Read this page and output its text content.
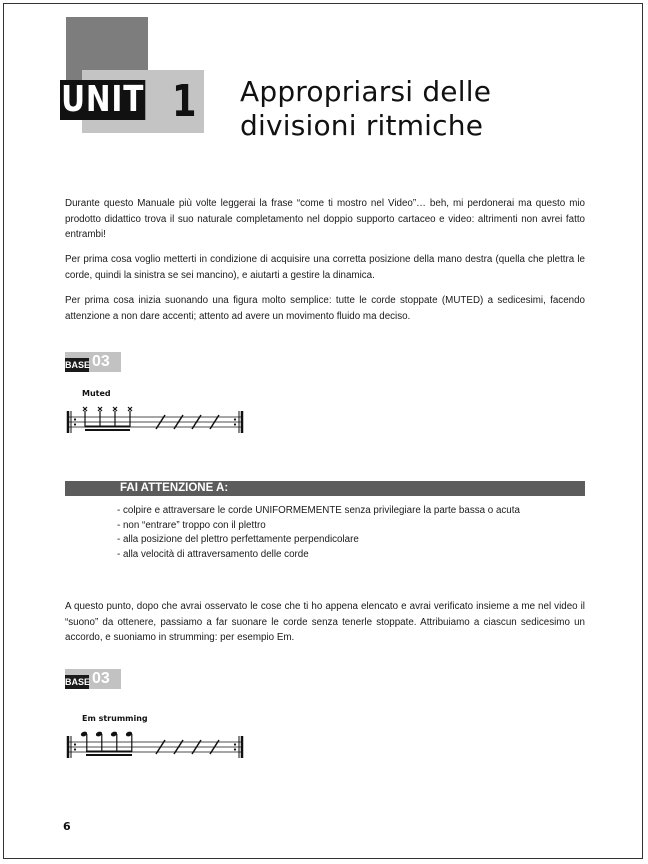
UNIT 1 Appropriarsi delle
divisioni ritmiche

Durante questo Manuale più volte leggerai la frase “come ti mostro nel Video”… beh, mi perdonerai ma questo mio prodotto didattico trova il suo naturale completamento nel doppio supporto cartaceo e video: altrimenti non avrei fatto entrambi!

Per prima cosa voglio metterti in condizione di acquisire una corretta posizione della mano destra (quella che plettra le corde, quindi la sinistra se sei mancino), e aiutarti a gestire la dinamica.

Per prima cosa inizia suonando una figura molto semplice: tutte le corde stoppate (MUTED) a sedicesimi, facendo attenzione a non dare accenti; attento ad avere un movimento fluido ma deciso.

BASE 03
Muted
FAI ATTENZIONE A:
- colpire e attraversare le corde UNIFORMEMENTE senza privilegiare la parte bassa o acuta
- non “entrare” troppo con il plettro
- alla posizione del plettro perfettamente perpendicolare
- alla velocità di attraversamento delle corde

A questo punto, dopo che avrai osservato le cose che ti ho appena elencato e avrai verificato insieme a me nel video il “suono” da ottenere, passiamo a far suonare le corde senza tenerle stoppate. Attribuiamo a ciascun sedicesimo un accordo, e suoniamo in strumming: per esempio Em.

BASE 03
Em strumming
6
